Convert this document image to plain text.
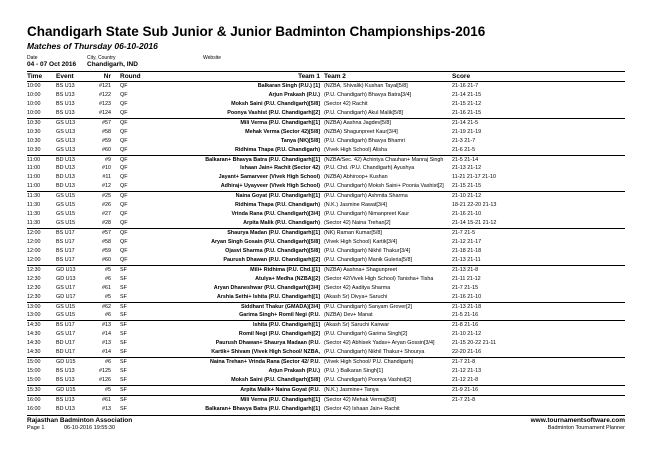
Chandigarh State Sub Junior & Junior Badminton Championships-2016
Matches of Thursday 06-10-2016
Date
04 - 07 Oct 2016
City, Country
Chandigarh, IND
Website
Time	Event	Nr Round	Team 1 Team 2	Score
10:00	BS U13	#121 QF	Balkaran Singh (P.U.) [1] (NZBA, Shivalik) Kushan Tayal[5/8]	21-16 21-7
10:00	BS U13	#122 QF	Arjun Prakash (P.U.) (P.U. Chandigarh) Bhavya Batra[3/4]	21-14 21-15
10:00	BS U13	#123 QF	Moksh Saini (P.U. Chandigarh)[5/8] (Sector 42) Rachit	21-15 21-12
10:00	BS U13	#124 QF	Poonya Vashist (P.U. Chandigarh)[2] (P.U. Chandigarh) Akul Malik[5/8]	21-16 21-15
10:30	GS U13	#57 QF	Mili Verma (P.U. Chandigarh)[1] (NZBA) Aashna Jagdev[5/8]	21-14 21-5
10:30	GS U13	#58 QF	Mehak Verma (Sector 42)[5/8] (NZBA) Shagunpreet Kaur[3/4]	21-19 21-19
10:30	GS U13	#59 QF	Tanya (NK)[5/8] (P.U. Chandigarh) Bhavya Bhamri	21-3 21-7
10:30	GS U13	#60 QF	Ridhima Thapa (P.U. Chandigarh) (Vivek High School) Alisha	21-6 21-5
11:00	BD U13	#9 QF	Balkaran+ Bhavya Batra (P.U. Chandigarh)[1] (NZBA/Sec. 42) Achintya Chauhan+ Manraj Singh	21-5 21-14
11:00	BD U13	#10 QF	Ishaan Jain+ Rachit (Sector 42) (P.U. Chd. /P.U. Chandigarh) Ayushya	21-13 21-12
11:00	BD U13	#11 QF	Jayant+ Samarveer (Vivek High School) (NZBA) Abhiroop+ Kushan	11-21 21-17 21-10
11:00	BD U13	#12 QF	Adhiraj+ Uyayveer (Vivek High School) (P.U. Chandigarh) Moksh Saini+ Poonia Vashist[2]	21-15 21-15
11:30	GS U15	#25 QF	Naina Goyat (P.U. Chandigarh)[1] (P.U. Chandigarh) Ashmita Sharma	21-10 21-12
11:30	GS U15	#26 QF	Ridhima Thapa (P.U. Chandigarh) (N.K.) Jasmine Rawat[3/4]	18-21 22-20 21-13
11:30	GS U15	#27 QF	Vrinda Rana (P.U. Chandigarh)[3/4] (P.U. Chandigarh) Nimanpreet Kaur	21-16 21-10
11:30	GS U15	#28 QF	Arpita Malik (P.U. Chandigarh) (Sector 42) Naina Trehan[2]	21-14 15-21 21-12
12:00	BS U17	#57 QF	Shaurya Madan (P.U. Chandigarh)[1] (NK) Raman Kumar[5/8]	21-7 21-5
12:00	BS U17	#58 QF	Aryan Singh Gosain (P.U. Chandigarh)[5/8] (Vivek High School) Kartik[3/4]	21-12 21-17
12:00	BS U17	#59 QF	Ojasvi Sharma (P.U. Chandigarh)[5/8] (P.U. Chandigarh) Nikhil Thakur[3/4]	21-18 21-18
12:00	BS U17	#60 QF	Paurush Dhawan (P.U. Chandigarh)[2] (P.U. Chandigarh) Manik Guleria[5/8]	21-13 21-11
12:30	GD U13	#5 SF	Mili+ Ridhima (P.U. Chd.)[1] (NZBA) Aashna+ Shagunpreet	21-13 21-8
12:30	GD U13	#6 SF	Atulya+ Medha (NZBA)[2] (Sector 42/Vivek High School) Tanisha+ Tisha	21-11 21-12
12:30	GS U17	#61 SF	Aryan Dhaneshwar (P.U. Chandigarh)[3/4] (Sector 42) Aaditya Sharma	21-7 21-15
12:30	GD U17	#5 SF	Arshia Sethi+ Ishita (P.U. Chandigarh)[1] (Akash Sr) Divya+ Saruchi	21-16 21-10
13:00	GS U15	#62 SF	Siddhant Thakur (GMADA)[3/4] (P.U. Chandigarh) Sanyam Grover[2]	21-13 21-18
13:00	GS U15	#6 SF	Garima Singh+ Romil Negi (P.U. (NZBA) Dev+ Manat	21-5 21-16
14:30	BS U17	#13 SF	Ishita (P.U. Chandigarh)[1] (Akash Sr) Saruchi Kanwar	21-8 21-16
14:30	GS U17	#14 SF	Romil Negi (P.U. Chandigarh)[2] (P.U. Chandigarh) Garima Singh[2]	21-10 21-12
14:30	BD U17	#13 SF	Paurush Dhawan+ Shaurya Madaan (P.U. (Sector 42) Abhisek Yadav+ Aryan Gossin[3/4]	21-15 20-22 21-11
14:30	BD U17	#14 SF	Kartik+ Shivam (Vivek High School/ NZBA, (P.U. Chandigarh) Nikhil Thakur+ Shourya	22-20 21-16
15:00	GD U15	#6 SF	Naina Trehan+ Vrinda Rana (Sector 42/ P.U. (Vivek High School/ P.U. Chandigarh)	21-7 21-8
15:00	BS U13	#125 SF	Arjun Prakash (P.U.) (P.U. ) Balkaran Singh[1]	21-12 21-13
15:00	BS U13	#126 SF	Moksh Saini (P.U. Chandigarh)[5/8] (P.U. Chandigarh) Poonya Vashist[2]	21-12 21-8
15:30	GD U15	#5 SF	Arpita Malik+ Naina Goyat (P.U. (N.K.) Jasmine+ Tanya	21-9 21-16
16:00	BS U13	#61 SF	Mili Verma (P.U. Chandigarh)[1] (Sector 42) Mehak Verma[5/8]	21-7 21-8
16:00	BD U13	#13 SF	Balkaran+ Bhavya Batra (P.U. Chandigarh)[1] (Sector 42) Ishaan Jain+ Rachit
Rajasthan Badminton Association
Page 1	06-10-2016 19:55:30
www.tournamentsoftware.com
Badminton Tournament Planner
